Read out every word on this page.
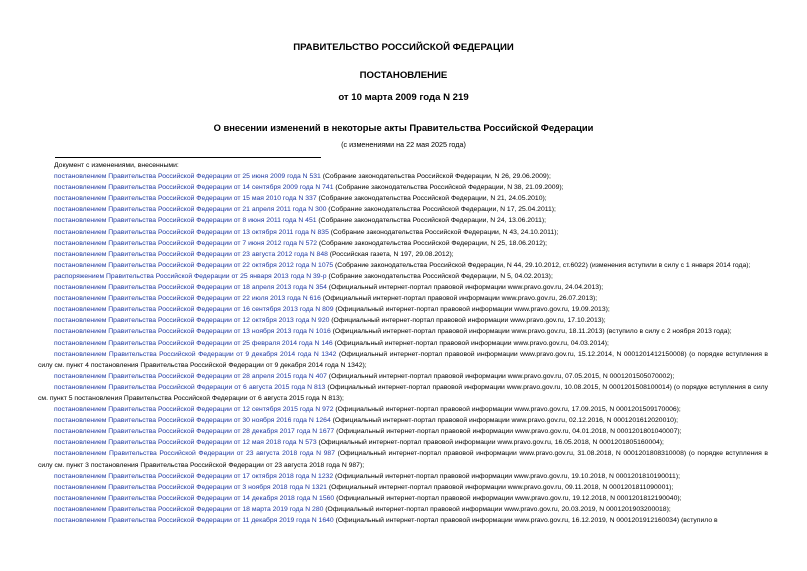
ПРАВИТЕЛЬСТВО РОССИЙСКОЙ ФЕДЕРАЦИИ
ПОСТАНОВЛЕНИЕ
от 10 марта 2009 года N 219
О внесении изменений в некоторые акты Правительства Российской Федерации
(с изменениями на 22 мая 2025 года)

Документ с изменениями, внесенными:

постановлением Правительства Российской Федерации от 25 июня 2009 года N 531 (Собрание законодательства Российской Федерации, N 26, 29.06.2009);

постановлением Правительства Российской Федерации от 14 сентября 2009 года N 741 (Собрание законодательства Российской Федерации, N 38, 21.09.2009);

постановлением Правительства Российской Федерации от 15 мая 2010 года N 337 (Собрание законодательства Российской Федерации, N 21, 24.05.2010);

постановлением Правительства Российской Федерации от 21 апреля 2011 года N 300 (Собрание законодательства Российской Федерации, N 17, 25.04.2011);

постановлением Правительства Российской Федерации от 8 июня 2011 года N 451 (Собрание законодательства Российской Федерации, N 24, 13.06.2011);

постановлением Правительства Российской Федерации от 13 октября 2011 года N 835 (Собрание законодательства Российской Федерации, N 43, 24.10.2011);

постановлением Правительства Российской Федерации от 7 июня 2012 года N 572 (Собрание законодательства Российской Федерации, N 25, 18.06.2012);

постановлением Правительства Российской Федерации от 23 августа 2012 года N 848 (Российская газета, N 197, 29.08.2012);

постановлением Правительства Российской Федерации от 22 октября 2012 года N 1075 (Собрание законодательства Российской Федерации, N 44, 29.10.2012, ст.6022) (изменения вступили в силу с 1 января 2014 года);

распоряжением Правительства Российской Федерации от 25 января 2013 года N 39-р (Собрание законодательства Российской Федерации, N 5, 04.02.2013);

постановлением Правительства Российской Федерации от 18 апреля 2013 года N 354 (Официальный интернет-портал правовой информации www.pravo.gov.ru, 24.04.2013);

постановлением Правительства Российской Федерации от 22 июля 2013 года N 616 (Официальный интернет-портал правовой информации www.pravo.gov.ru, 26.07.2013);

постановлением Правительства Российской Федерации от 16 сентября 2013 года N 809 (Официальный интернет-портал правовой информации www.pravo.gov.ru, 19.09.2013);

постановлением Правительства Российской Федерации от 12 октября 2013 года N 920 (Официальный интернет-портал правовой информации www.pravo.gov.ru, 17.10.2013);

постановлением Правительства Российской Федерации от 13 ноября 2013 года N 1016 (Официальный интернет-портал правовой информации www.pravo.gov.ru, 18.11.2013) (вступило в силу с 2 ноября 2013 года);

постановлением Правительства Российской Федерации от 25 февраля 2014 года N 146 (Официальный интернет-портал правовой информации www.pravo.gov.ru, 04.03.2014);

постановлением Правительства Российской Федерации от 9 декабря 2014 года N 1342 (Официальный интернет-портал правовой информации www.pravo.gov.ru, 15.12.2014, N 0001201412150008) (о порядке вступления в силу см. пункт 4 постановления Правительства Российской Федерации от 9 декабря 2014 года N 1342);

постановлением Правительства Российской Федерации от 28 апреля 2015 года N 407 (Официальный интернет-портал правовой информации www.pravo.gov.ru, 07.05.2015, N 0001201505070002);

постановлением Правительства Российской Федерации от 6 августа 2015 года N 813 (Официальный интернет-портал правовой информации www.pravo.gov.ru, 10.08.2015, N 0001201508100014) (о порядке вступления в силу см. пункт 5 постановления Правительства Российской Федерации от 6 августа 2015 года N 813);

постановлением Правительства Российской Федерации от 12 сентября 2015 года N 972 (Официальный интернет-портал правовой информации www.pravo.gov.ru, 17.09.2015, N 0001201509170006);

постановлением Правительства Российской Федерации от 30 ноября 2016 года N 1264 (Официальный интернет-портал правовой информации www.pravo.gov.ru, 02.12.2016, N 0001201612020010);

постановлением Правительства Российской Федерации от 28 декабря 2017 года N 1677 (Официальный интернет-портал правовой информации www.pravo.gov.ru, 04.01.2018, N 0001201801040007);

постановлением Правительства Российской Федерации от 12 мая 2018 года N 573 (Официальный интернет-портал правовой информации www.pravo.gov.ru, 16.05.2018, N 0001201805160004);

постановлением Правительства Российской Федерации от 23 августа 2018 года N 987 (Официальный интернет-портал правовой информации www.pravo.gov.ru, 31.08.2018, N 0001201808310008) (о порядке вступления в силу см. пункт 3 постановления Правительства Российской Федерации от 23 августа 2018 года N 987);

постановлением Правительства Российской Федерации от 17 октября 2018 года N 1232 (Официальный интернет-портал правовой информации www.pravo.gov.ru, 19.10.2018, N 0001201810190011);

постановлением Правительства Российской Федерации от 3 ноября 2018 года N 1321 (Официальный интернет-портал правовой информации www.pravo.gov.ru, 09.11.2018, N 0001201811090001);

постановлением Правительства Российской Федерации от 14 декабря 2018 года N 1560 (Официальный интернет-портал правовой информации www.pravo.gov.ru, 19.12.2018, N 0001201812190040);

постановлением Правительства Российской Федерации от 18 марта 2019 года N 280 (Официальный интернет-портал правовой информации www.pravo.gov.ru, 20.03.2019, N 0001201903200018);

постановлением Правительства Российской Федерации от 11 декабря 2019 года N 1640 (Официальный интернет-портал правовой информации www.pravo.gov.ru, 16.12.2019, N 0001201912160034) (вступило в
